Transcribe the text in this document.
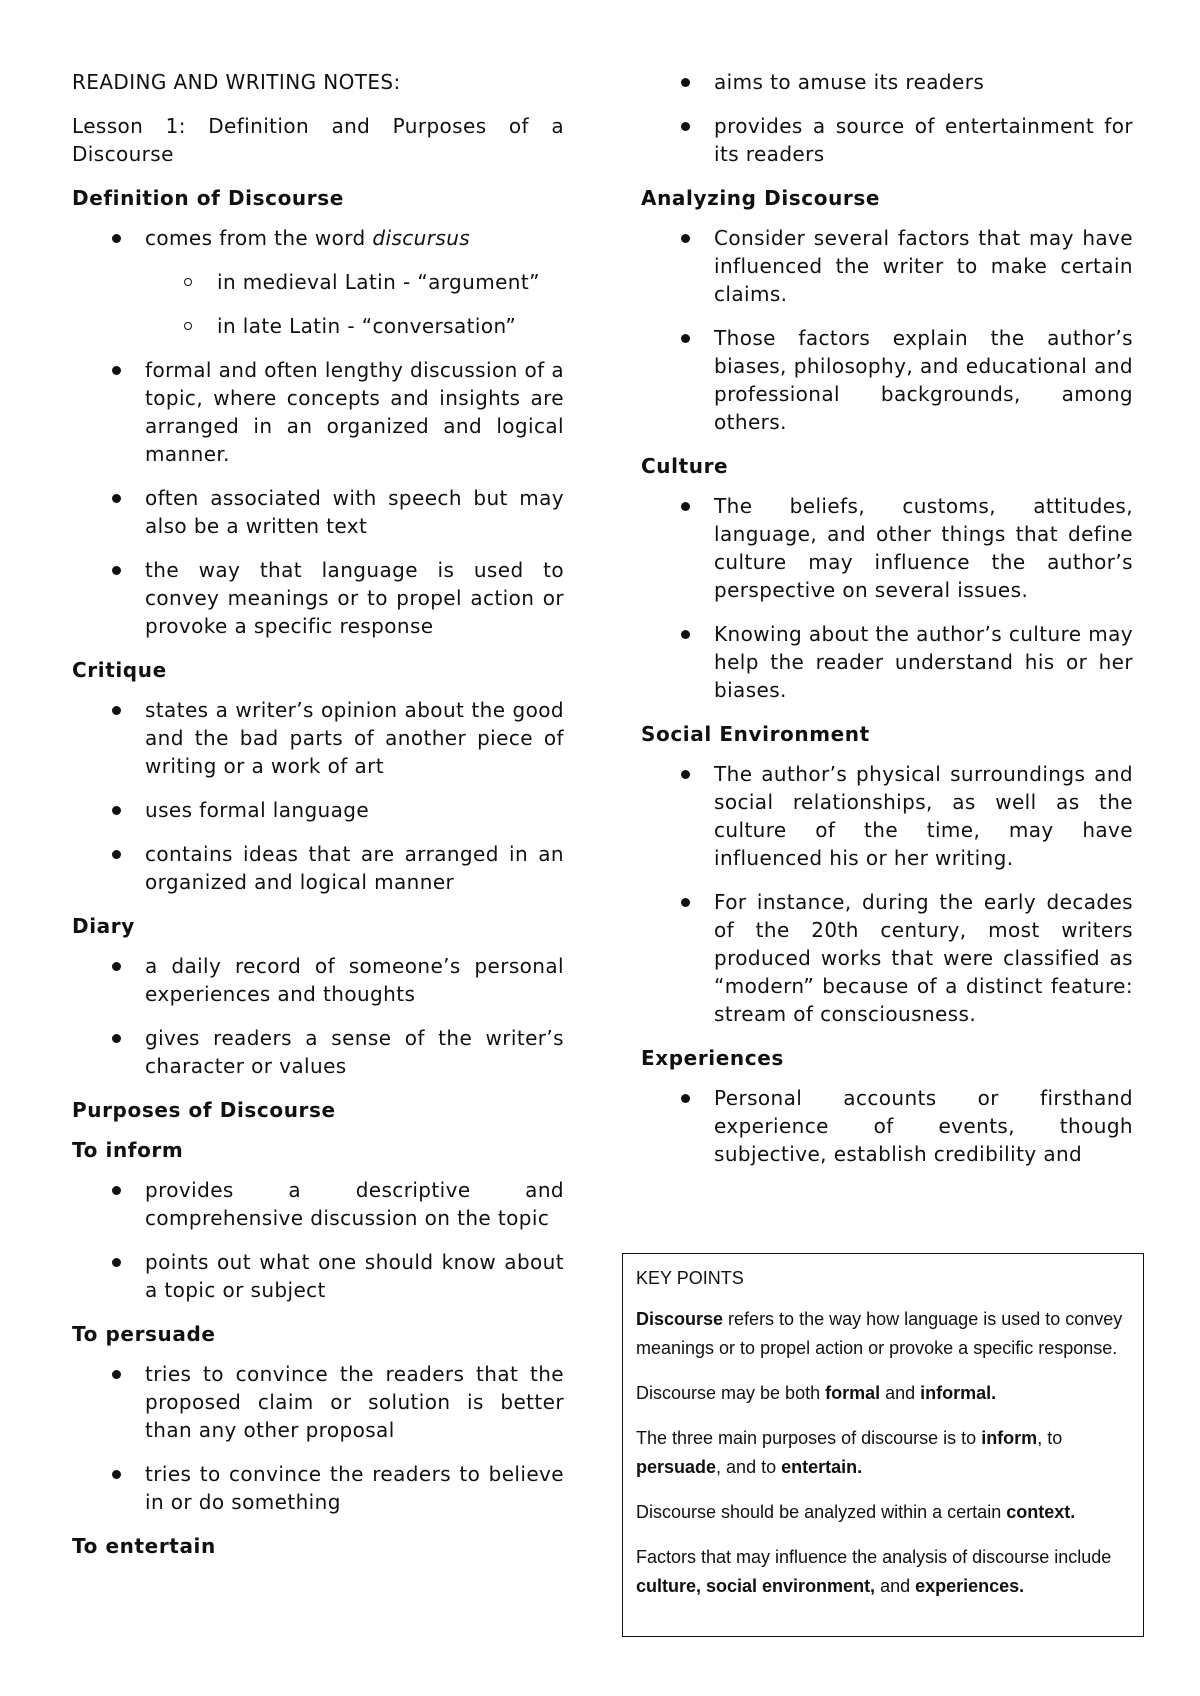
READING AND WRITING NOTES:

Lesson 1: Definition and Purposes of a Discourse

Definition of Discourse
comes from the word discursus
in medieval Latin - “argument”
in late Latin - “conversation”
formal and often lengthy discussion of a topic, where concepts and insights are arranged in an organized and logical manner.
often associated with speech but may also be a written text
the way that language is used to convey meanings or to propel action or provoke a specific response
Critique
states a writer’s opinion about the good and the bad parts of another piece of writing or a work of art
uses formal language
contains ideas that are arranged in an organized and logical manner
Diary
a daily record of someone’s personal experiences and thoughts
gives readers a sense of the writer’s character or values
Purposes of Discourse
To inform
provides a descriptive and comprehensive discussion on the topic
points out what one should know about a topic or subject
To persuade
tries to convince the readers that the proposed claim or solution is better than any other proposal
tries to convince the readers to believe in or do something
To entertain
aims to amuse its readers
provides a source of entertainment for its readers
Analyzing Discourse
Consider several factors that may have influenced the writer to make certain claims.
Those factors explain the author’s biases, philosophy, and educational and professional backgrounds, among others.
Culture
The beliefs, customs, attitudes, language, and other things that define culture may influence the author’s perspective on several issues.
Knowing about the author’s culture may help the reader understand his or her biases.
Social Environment
The author’s physical surroundings and social relationships, as well as the culture of the time, may have influenced his or her writing.
For instance, during the early decades of the 20th century, most writers produced works that were classified as “modern” because of a distinct feature: stream of consciousness.
Experiences
Personal accounts or firsthand experience of events, though subjective, establish credibility and

KEY POINTS

Discourse refers to the way how language is used to convey meanings or to propel action or provoke a specific response.

Discourse may be both formal and informal.

The three main purposes of discourse is to inform, to persuade, and to entertain.

Discourse should be analyzed within a certain context.

Factors that may influence the analysis of discourse include culture, social environment, and experiences.
